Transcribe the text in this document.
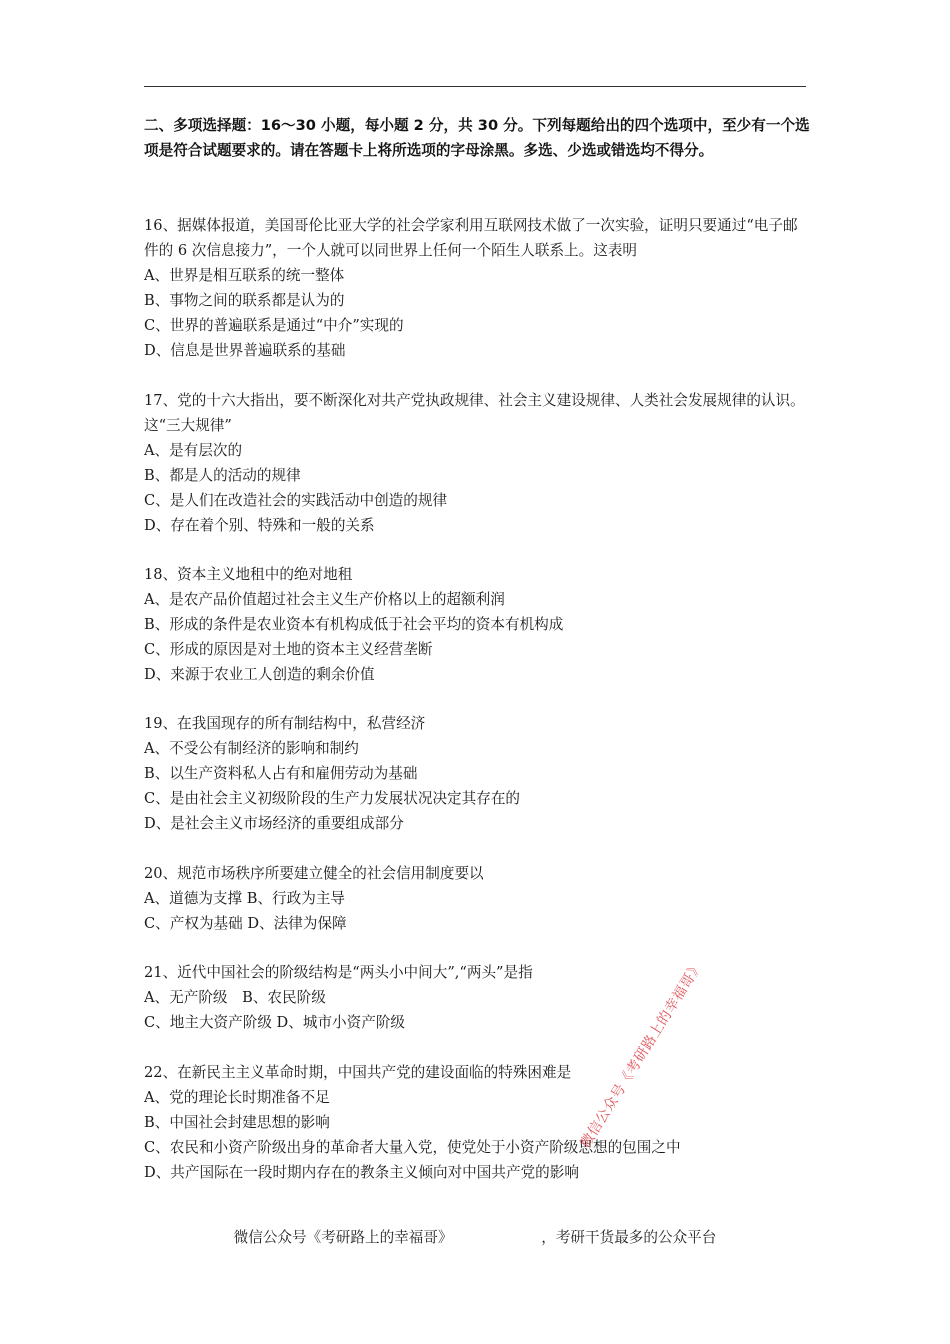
二、多项选择题：16～30 小题，每小题 2 分，共 30 分。下列每题给出的四个选项中，至少有一个选项是符合试题要求的。请在答题卡上将所选项的字母涂黑。多选、少选或错选均不得分。

16、据媒体报道，美国哥伦比亚大学的社会学家利用互联网技术做了一次实验，证明只要通过“电子邮件的 6 次信息接力”，一个人就可以同世界上任何一个陌生人联系上。这表明

A、世界是相互联系的统一整体

B、事物之间的联系都是认为的

C、世界的普遍联系是通过“中介”实现的

D、信息是世界普遍联系的基础

17、党的十六大指出，要不断深化对共产党执政规律、社会主义建设规律、人类社会发展规律的认识。这“三大规律”

A、是有层次的

B、都是人的活动的规律

C、是人们在改造社会的实践活动中创造的规律

D、存在着个别、特殊和一般的关系

18、资本主义地租中的绝对地租

A、是农产品价值超过社会主义生产价格以上的超额利润

B、形成的条件是农业资本有机构成低于社会平均的资本有机构成

C、形成的原因是对土地的资本主义经营垄断

D、来源于农业工人创造的剩余价值

19、在我国现存的所有制结构中，私营经济

A、不受公有制经济的影响和制约

B、以生产资料私人占有和雇佣劳动为基础

C、是由社会主义初级阶段的生产力发展状况决定其存在的

D、是社会主义市场经济的重要组成部分

20、规范市场秩序所要建立健全的社会信用制度要以

A、道德为支撑 B、行政为主导

C、产权为基础 D、法律为保障

21、近代中国社会的阶级结构是“两头小中间大”,“两头”是指

A、无产阶级　B、农民阶级

C、地主大资产阶级 D、城市小资产阶级

22、在新民主主义革命时期，中国共产党的建设面临的特殊困难是

A、党的理论长时期准备不足

B、中国社会封建思想的影响

C、农民和小资产阶级出身的革命者大量入党，使党处于小资产阶级思想的包围之中

D、共产国际在一段时期内存在的教条主义倾向对中国共产党的影响

微信公众号《考研路上的幸福哥》
微信公众号《考研路上的幸福哥》	，考研干货最多的公众平台
